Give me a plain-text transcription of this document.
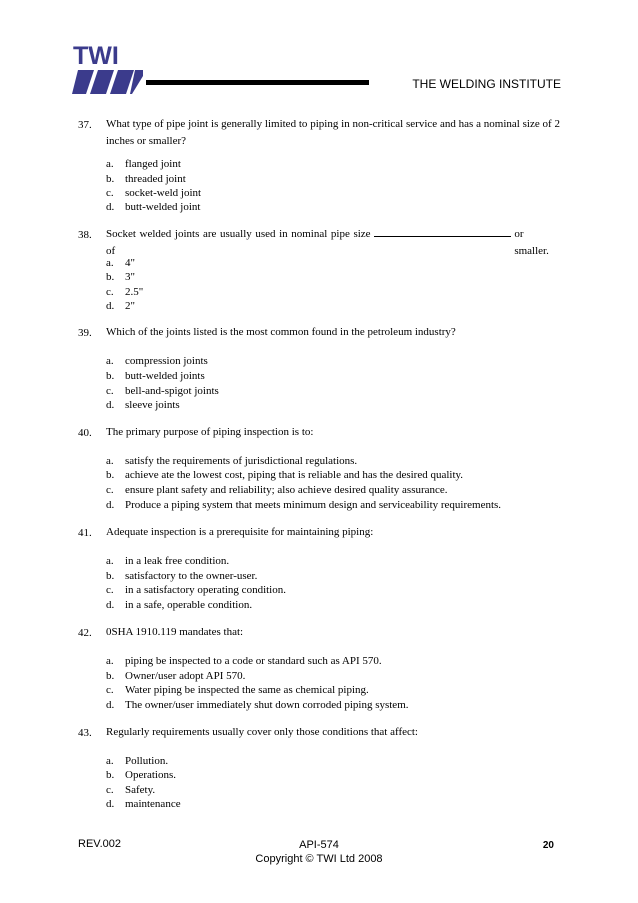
TWI
THE WELDING INSTITUTE
37. What type of pipe joint is generally limited to piping in non-critical service and has a nominal size of 2 inches or smaller?
a. flanged joint
b. threaded joint
c. socket-weld joint
d. butt-welded joint
38. Socket welded joints are usually used in nominal pipe size of
or smaller.
a. 4"
b. 3"
c. 2.5"
d. 2"
39. Which of the joints listed is the most common found in the petroleum industry?
a. compression joints
b. butt-welded joints
c. bell-and-spigot joints
d. sleeve joints
40. The primary purpose of piping inspection is to:
a. satisfy the requirements of jurisdictional regulations.
b. achieve ate the lowest cost, piping that is reliable and has the desired quality.
c. ensure plant safety and reliability; also achieve desired quality assurance.
d. Produce a piping system that meets minimum design and serviceability requirements.
41. Adequate inspection is a prerequisite for maintaining piping:
a. in a leak free condition.
b. satisfactory to the owner-user.
c. in a satisfactory operating condition.
d. in a safe, operable condition.
42. 0SHA 1910.119 mandates that:
a. piping be inspected to a code or standard such as API 570.
b. Owner/user adopt API 570.
c. Water piping be inspected the same as chemical piping.
d. The owner/user immediately shut down corroded piping system.
43. Regularly requirements usually cover only those conditions that affect:
a. Pollution.
b. Operations.
c. Safety.
d. maintenance
REV.002	API-574
Copyright © TWI Ltd 2008
20
